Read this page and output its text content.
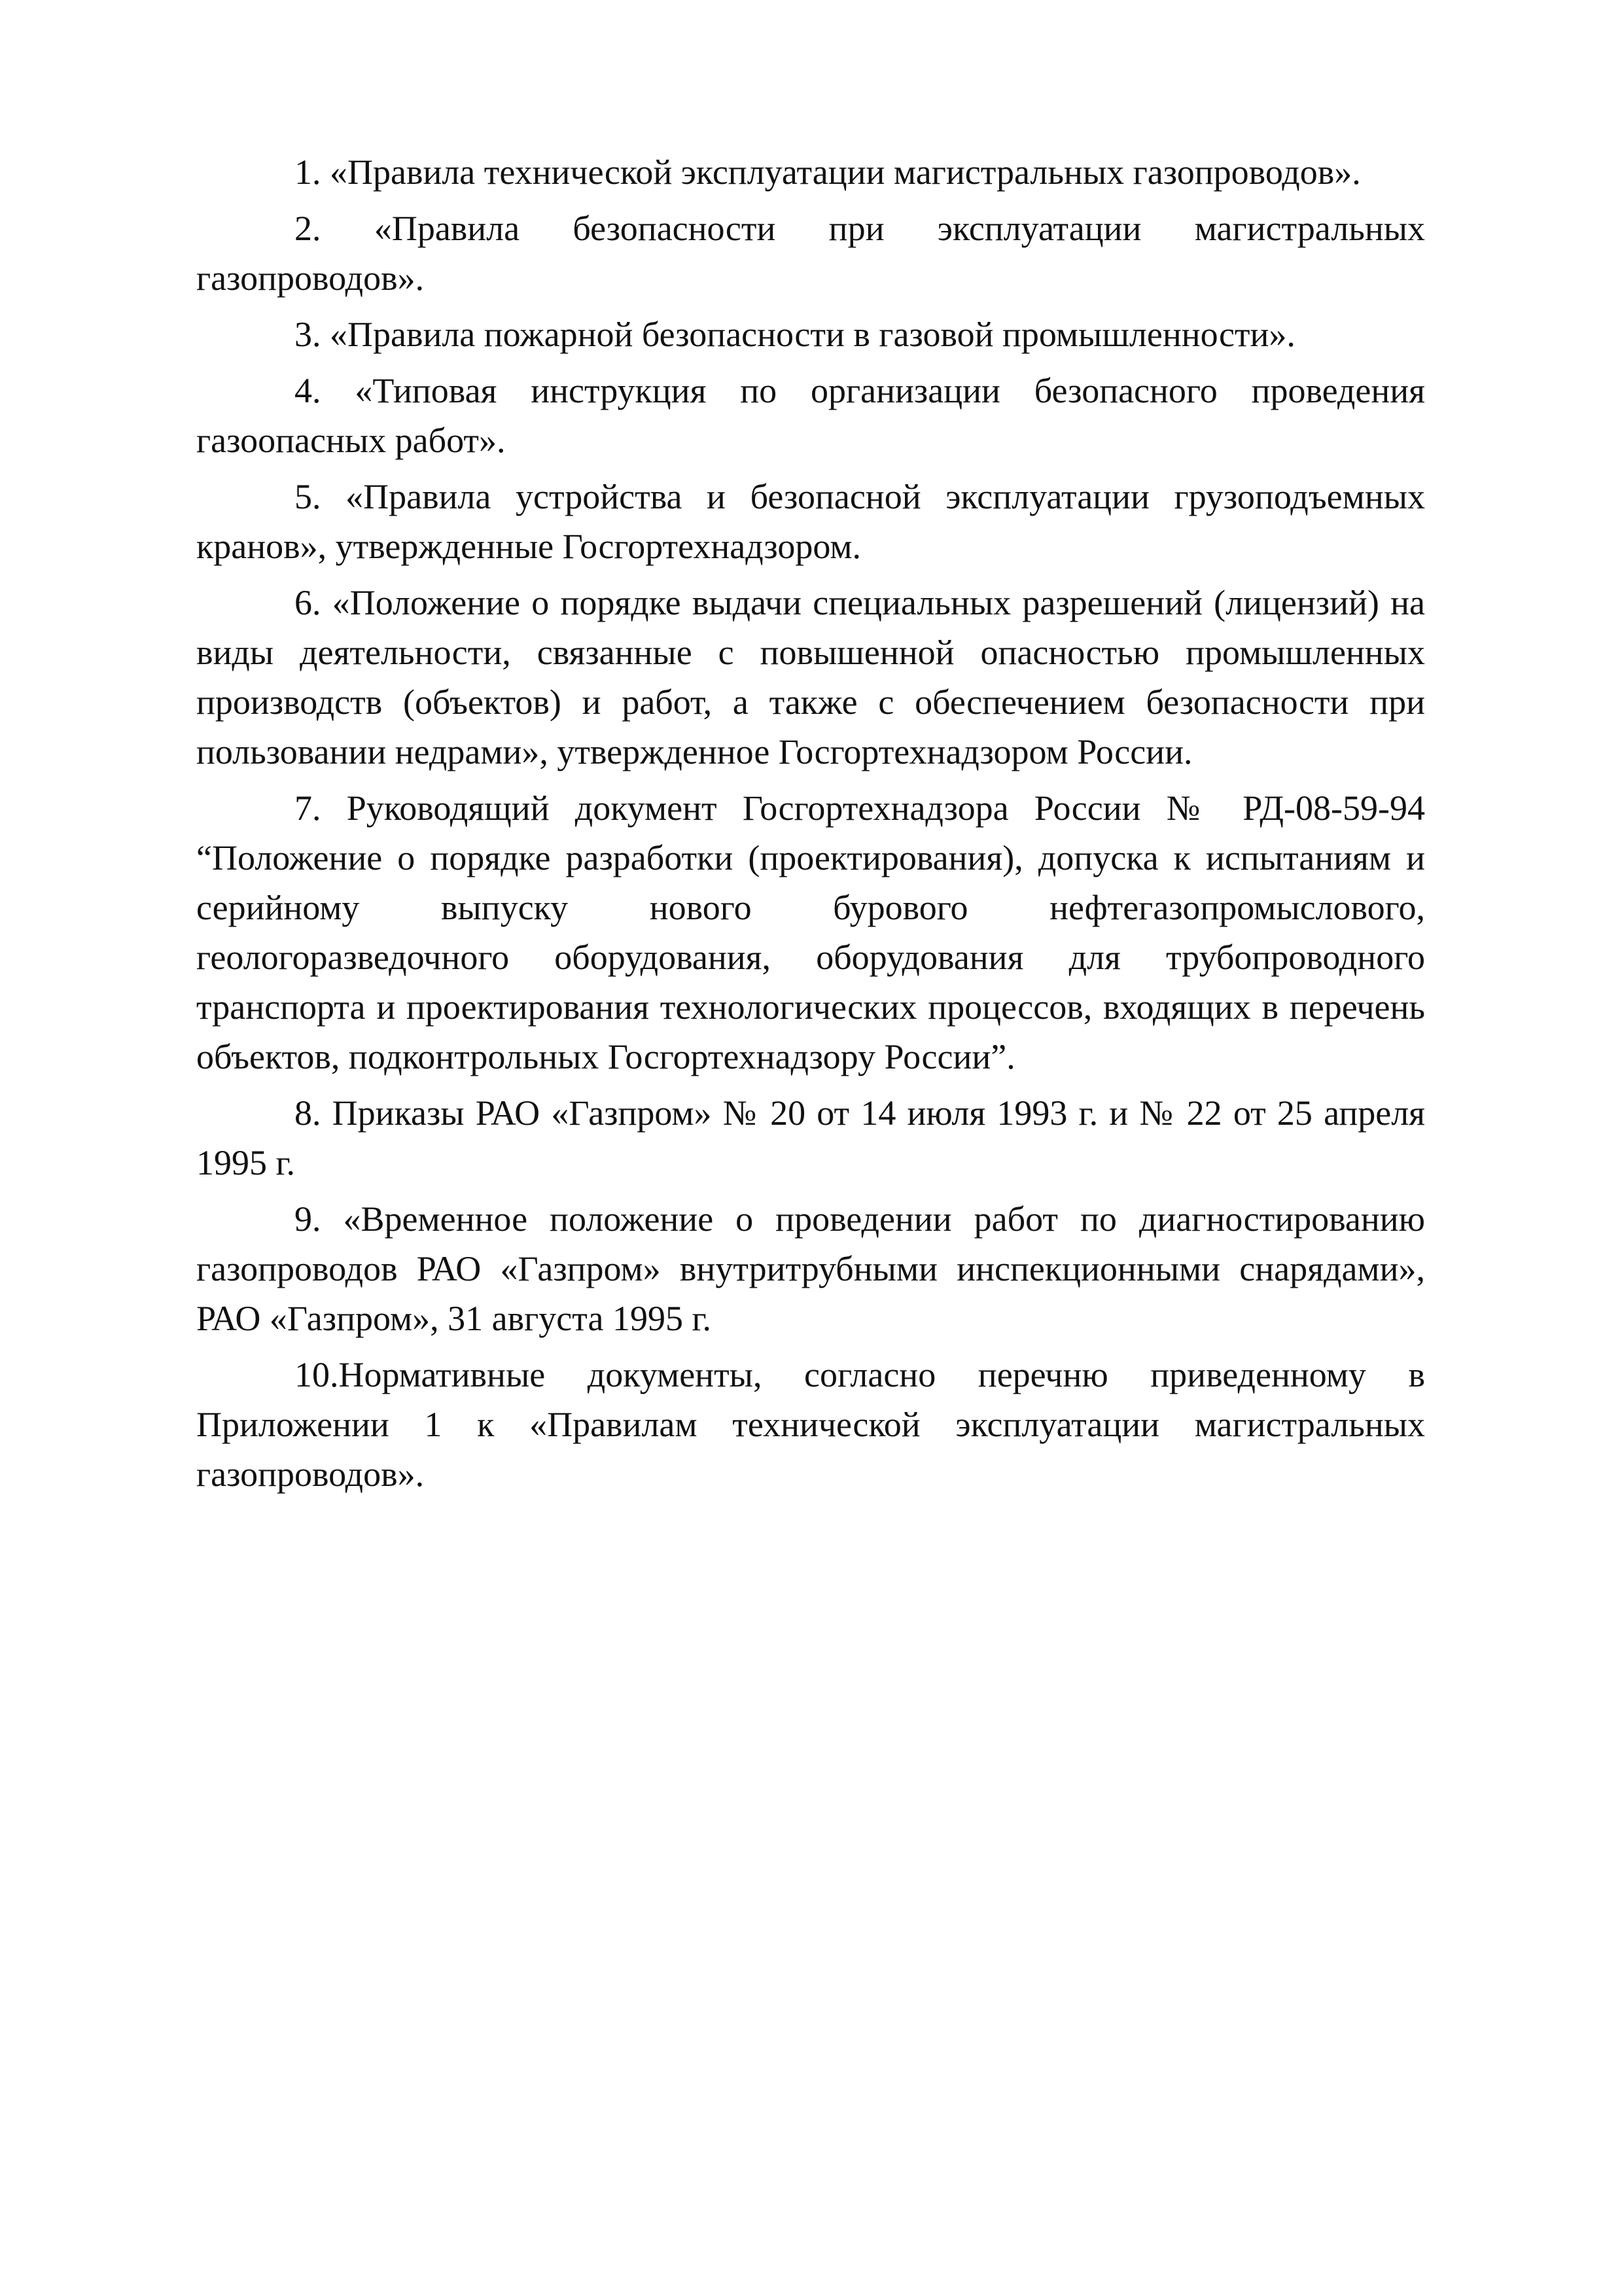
1. «Правила технической эксплуатации магистральных газопроводов».

2. «Правила безопасности при эксплуатации магистральных газопроводов».

3. «Правила пожарной безопасности в газовой промышленности».

4. «Типовая инструкция по организации безопасного проведения газоопасных работ».

5. «Правила устройства и безопасной эксплуатации грузоподъемных кранов», утвержденные Госгортехнадзором.

6. «Положение о порядке выдачи специальных разрешений (лицензий) на виды деятельности, связанные с повышенной опасностью промышленных производств (объектов) и работ, а также с обеспечением безопасности при пользовании недрами», утвержденное Госгортехнадзором России.

7. Руководящий документ Госгортехнадзора России № РД-08-59-94 “Положение о порядке разработки (проектирования), допуска к испытаниям и серийному выпуску нового бурового нефтегазопромыслового, геологоразведочного оборудования, оборудования для трубопроводного транспорта и проектирования технологических процессов, входящих в перечень объектов, подконтрольных Госгортехнадзору России”.

8. Приказы РАО «Газпром» № 20 от 14 июля 1993 г. и № 22 от 25 апреля 1995 г.

9. «Временное положение о проведении работ по диагностированию газопроводов РАО «Газпром» внутритрубными инспекционными снарядами», РАО «Газпром», 31 августа 1995 г.

10.Нормативные документы, согласно перечню приведенному в Приложении 1 к «Правилам технической эксплуатации магистральных газопроводов».
